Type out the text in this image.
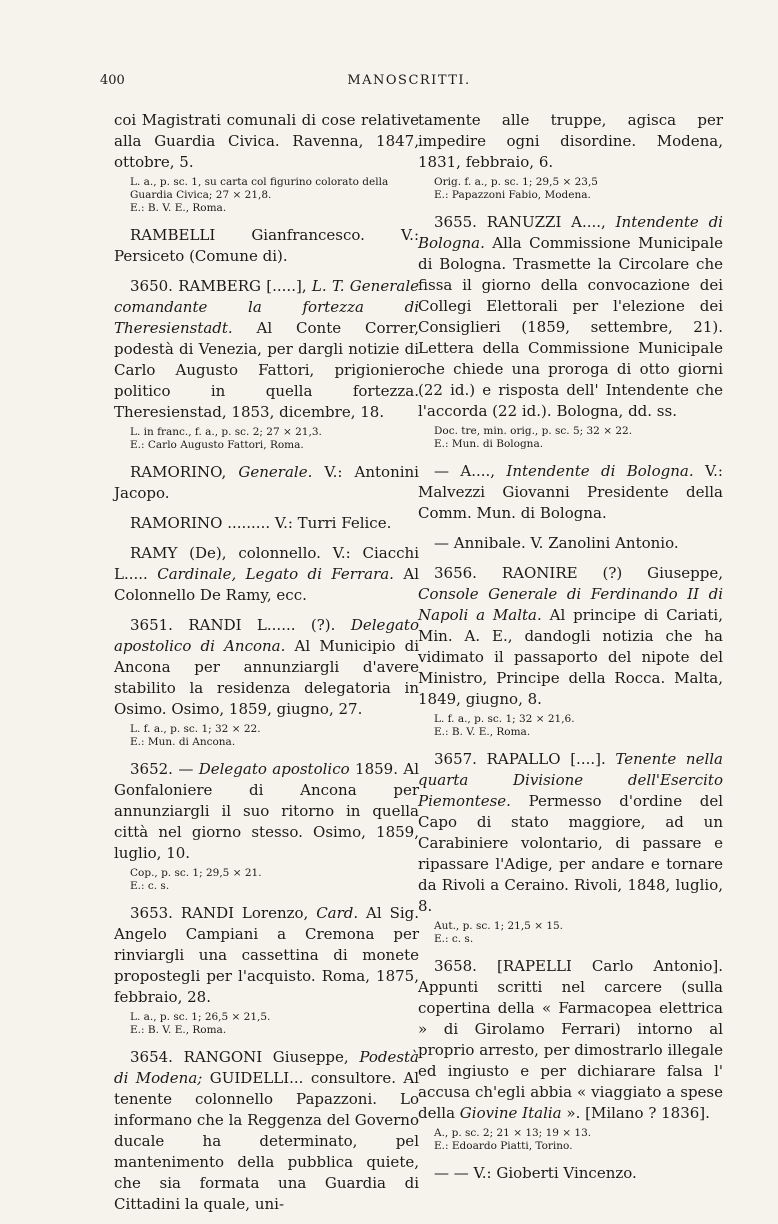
400	MANOSCRITTI.

coi Magistrati comunali di cose relative alla Guardia Civica. Ravenna, 1847, ottobre, 5.

L. a., p. sc. 1, su carta col figurino colorato della
Guardia Civica; 27 × 21,8.
E.: B. V. E., Roma.

RAMBELLI Gianfrancesco. V.: Persiceto (Comune di).

3650. RAMBERG [.....], L. T. Generale comandante la fortezza di Theresienstadt. Al Conte Correr, podestà di Venezia, per dargli notizie di Carlo Augusto Fattori, prigioniero politico in quella fortezza. Theresienstad, 1853, dicembre, 18.

L. in franc., f. a., p. sc. 2; 27 × 21,3.
E.: Carlo Augusto Fattori, Roma.

RAMORINO, Generale. V.: Antonini Jacopo.

RAMORINO ......... V.: Turri Felice.

RAMY (De), colonnello. V.: Ciacchi L..... Cardinale, Legato di Ferrara. Al Colonnello De Ramy, ecc.

3651. RANDI L...... (?). Delegato apostolico di Ancona. Al Municipio di Ancona per annunziargli d'avere stabilito la residenza delegatoria in Osimo. Osimo, 1859, giugno, 27.

L. f. a., p. sc. 1; 32 × 22.
E.: Mun. di Ancona.

3652. — Delegato apostolico 1859. Al Gonfaloniere di Ancona per annunziargli il suo ritorno in quella città nel giorno stesso. Osimo, 1859, luglio, 10.

Cop., p. sc. 1; 29,5 × 21.
E.: c. s.

3653. RANDI Lorenzo, Card. Al Sig. Angelo Campiani a Cremona per rinviargli una cassettina di monete propostegli per l'acquisto. Roma, 1875, febbraio, 28.

L. a., p. sc. 1; 26,5 × 21,5.
E.: B. V. E., Roma.

3654. RANGONI Giuseppe, Podestà di Modena; GUIDELLI... consultore. Al tenente colonnello Papazzoni. Lo informano che la Reggenza del Governo ducale ha determinato, pel mantenimento della pubblica quiete, che sia formata una Guardia di Cittadini la quale, uni-

tamente alle truppe, agisca per impedire ogni disordine. Modena, 1831, febbraio, 6.

Orig. f. a., p. sc. 1; 29,5 × 23,5
E.: Papazzoni Fabio, Modena.

3655. RANUZZI A...., Intendente di Bologna. Alla Commissione Municipale di Bologna. Trasmette la Circolare che fissa il giorno della convocazione dei Collegi Elettorali per l'elezione dei Consiglieri (1859, settembre, 21). Lettera della Commissione Municipale che chiede una proroga di otto giorni (22 id.) e risposta dell' Intendente che l'accorda (22 id.). Bologna, dd. ss.

Doc. tre, min. orig., p. sc. 5; 32 × 22.
E.: Mun. di Bologna.

— A...., Intendente di Bologna. V.: Malvezzi Giovanni Presidente della Comm. Mun. di Bologna.

— Annibale. V. Zanolini Antonio.

3656. RAONIRE (?) Giuseppe, Console Generale di Ferdinando II di Napoli a Malta. Al principe di Cariati, Min. A. E., dandogli notizia che ha vidimato il passaporto del nipote del Ministro, Principe della Rocca. Malta, 1849, giugno, 8.

L. f. a., p. sc. 1; 32 × 21,6.
E.: B. V. E., Roma.

3657. RAPALLO [....]. Tenente nella quarta Divisione dell'Esercito Piemontese. Permesso d'ordine del Capo di stato maggiore, ad un Carabiniere volontario, di passare e ripassare l'Adige, per andare e tornare da Rivoli a Ceraino. Rivoli, 1848, luglio, 8.

Aut., p. sc. 1; 21,5 × 15.
E.: c. s.

3658. [RAPELLI Carlo Antonio]. Appunti scritti nel carcere (sulla copertina della « Farmacopea elettrica » di Girolamo Ferrari) intorno al proprio arresto, per dimostrarlo illegale ed ingiusto e per dichiarare falsa l' accusa ch'egli abbia « viaggiato a spese della Giovine Italia ». [Milano ? 1836].

A., p. sc. 2; 21 × 13; 19 × 13.
E.: Edoardo Piatti, Torino.

— — V.: Gioberti Vincenzo.
